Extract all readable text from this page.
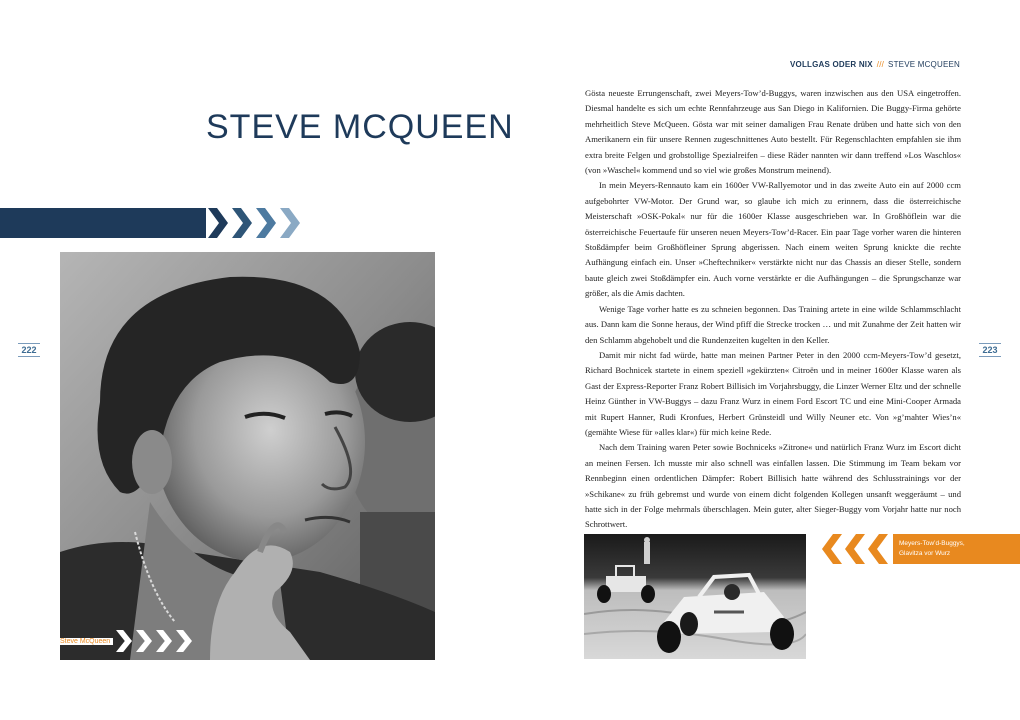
VOLLGAS ODER NIX /// STEVE MCQUEEN
STEVE MCQUEEN
222	223
Steve McQueen

Gösta neueste Errungenschaft, zwei Meyers-Tow’d-Buggys, waren inzwischen aus den USA eingetroffen. Diesmal handelte es sich um echte Rennfahrzeuge aus San Diego in Kalifornien. Die Buggy-Firma gehörte mehrheitlich Steve McQueen. Gösta war mit seiner damaligen Frau Renate drüben und hatte sich von den Amerikanern ein für unsere Rennen zugeschnittenes Auto bestellt. Für Regenschlachten empfahlen sie ihm extra breite Felgen und grobstollige Spezialreifen – diese Räder nannten wir dann treffend »Los Waschlos« (von »Waschel« kommend und so viel wie großes Monstrum meinend).

In mein Meyers-Rennauto kam ein 1600er VW-Rallyemotor und in das zweite Auto ein auf 2000 ccm aufgebohrter VW-Motor. Der Grund war, so glaube ich mich zu erinnern, dass die österreichische Meisterschaft »OSK-Pokal« nur für die 1600er Klasse ausgeschrieben war. In Großhöflein war die österreichische Feuertaufe für unseren neuen Meyers-Tow’d-Racer. Ein paar Tage vorher waren die hinteren Stoßdämpfer beim Großhöfleiner Sprung abgerissen. Nach einem weiten Sprung knickte die rechte Aufhängung einfach ein. Unser »Cheftechniker« verstärkte nicht nur das Chassis an dieser Stelle, sondern baute gleich zwei Stoßdämpfer ein. Auch vorne verstärkte er die Aufhängungen – die Sprungschanze war größer, als die Amis dachten.

Wenige Tage vorher hatte es zu schneien begonnen. Das Training artete in eine wilde Schlammschlacht aus. Dann kam die Sonne heraus, der Wind pfiff die Strecke trocken … und mit Zunahme der Zeit hatten wir den Schlamm abgehobelt und die Rundenzeiten kugelten in den Keller.

Damit mir nicht fad würde, hatte man meinen Partner Peter in den 2000 ccm-Meyers-Tow’d gesetzt, Richard Bochnicek startete in einem speziell »gekürzten« Citroën und in meiner 1600er Klasse waren als Gast der Express-Reporter Franz Robert Billisich im Vorjahrsbuggy, die Linzer Werner Eltz und der schnelle Heinz Günther in VW-Buggys – dazu Franz Wurz in einem Ford Escort TC und eine Mini-Cooper Armada mit Rupert Hanner, Rudi Kronfues, Herbert Grünsteidl und Willy Neuner etc. Von »g’mahter Wies’n« (gemähte Wiese für »alles klar«) für mich keine Rede.

Nach dem Training waren Peter sowie Bochniceks »Zitrone« und natürlich Franz Wurz im Escort dicht an meinen Fersen. Ich musste mir also schnell was einfallen lassen. Die Stimmung im Team bekam vor Rennbeginn einen ordentlichen Dämpfer: Robert Billisich hatte während des Schlusstrainings vor der »Schikane« zu früh gebremst und wurde von einem dicht folgenden Kollegen unsanft weggeräumt – und hatte sich in der Folge mehrmals überschlagen. Mein guter, alter Sieger-Buggy vom Vorjahr hatte nur noch Schrottwert.

Meyers-Tow’d-Buggys,
Glavitza vor Wurz
